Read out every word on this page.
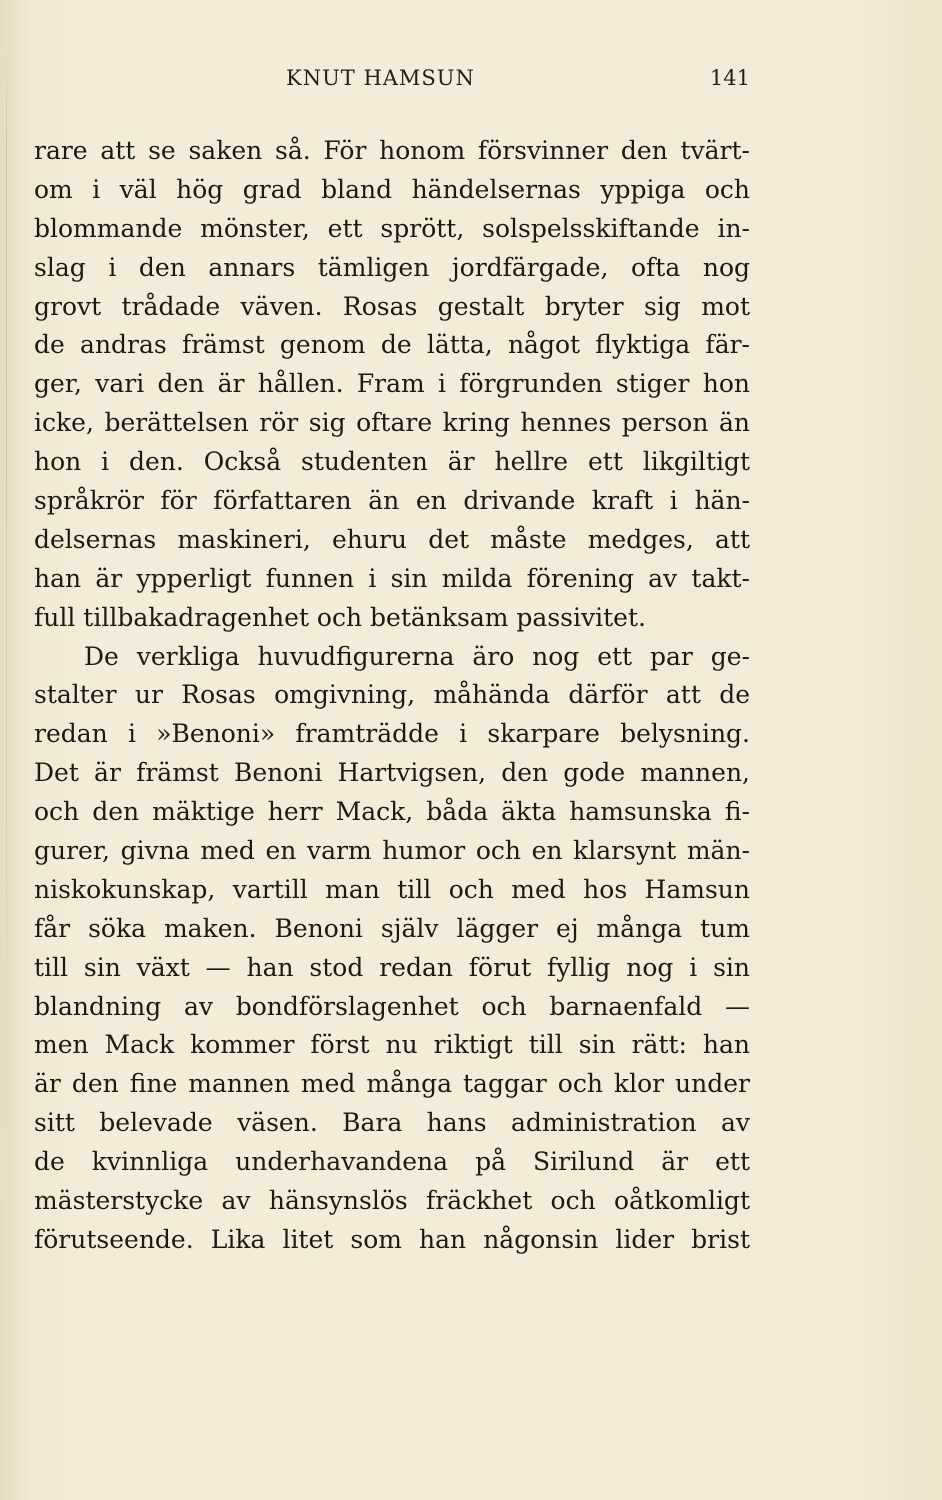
KNUT HAMSUN	141
rare att se saken så. För honom försvinner den tvärt-
om i väl hög grad bland händelsernas yppiga och
blommande mönster, ett sprött, solspelsskiftande in-
slag i den annars tämligen jordfärgade, ofta nog
grovt trådade väven. Rosas gestalt bryter sig mot
de andras främst genom de lätta, något flyktiga fär-
ger, vari den är hållen. Fram i förgrunden stiger hon
icke, berättelsen rör sig oftare kring hennes person än
hon i den. Också studenten är hellre ett likgiltigt
språkrör för författaren än en drivande kraft i hän-
delsernas maskineri, ehuru det måste medges, att
han är ypperligt funnen i sin milda förening av takt-
full tillbakadragenhet och betänksam passivitet.
De verkliga huvudfigurerna äro nog ett par ge-
stalter ur Rosas omgivning, måhända därför att de
redan i »Benoni» framträdde i skarpare belysning.
Det är främst Benoni Hartvigsen, den gode mannen,
och den mäktige herr Mack, båda äkta hamsunska fi-
gurer, givna med en varm humor och en klarsynt män-
niskokunskap, vartill man till och med hos Hamsun
får söka maken. Benoni själv lägger ej många tum
till sin växt — han stod redan förut fyllig nog i sin
blandning av bondförslagenhet och barnaenfald —
men Mack kommer först nu riktigt till sin rätt: han
är den fine mannen med många taggar och klor under
sitt belevade väsen. Bara hans administration av
de kvinnliga underhavandena på Sirilund är ett
mästerstycke av hänsynslös fräckhet och oåtkomligt
förutseende. Lika litet som han någonsin lider brist
